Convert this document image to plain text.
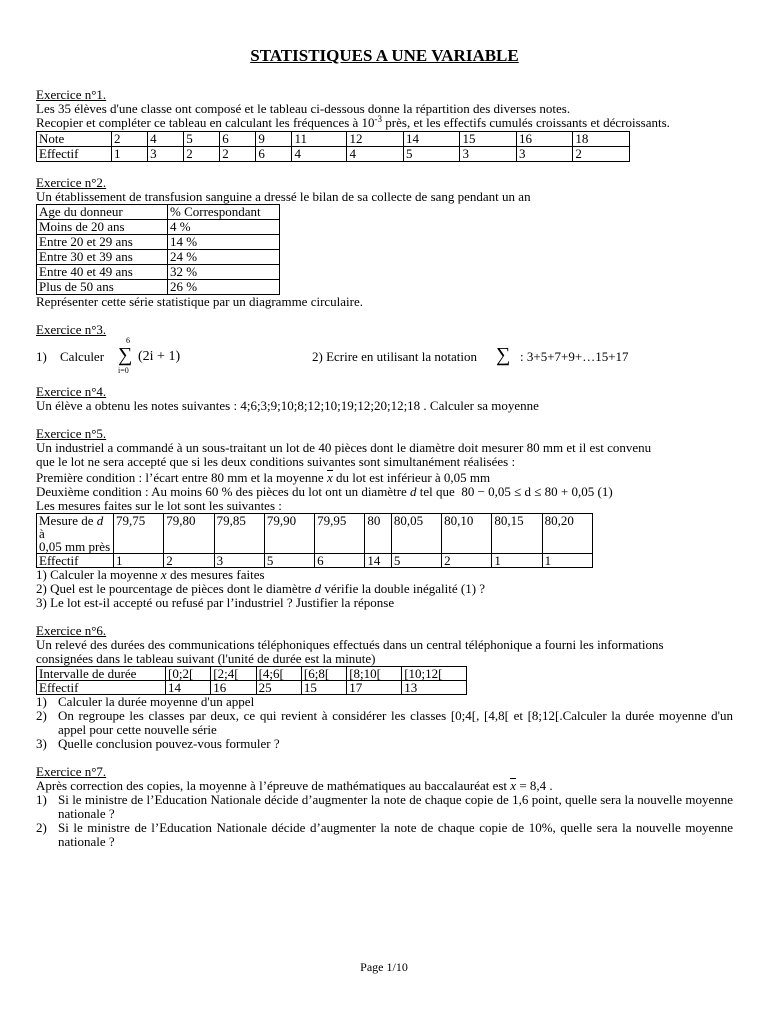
STATISTIQUES A UNE VARIABLE
Exercice n°1.

Les 35 élèves d'une classe ont composé et le tableau ci-dessous donne la répartition des diverses notes.

Recopier et compléter ce tableau en calculant les fréquences à $10^{-3}$ près, et les effectifs cumulés croissants et décroissants.

Note	2	4	5	6	9	11	12	14	15	16	18
Effectif	1	3	2	2	6	4	4	5	3	3	2
Exercice n°2.

Un établissement de transfusion sanguine a dressé le bilan de sa collecte de sang pendant un an

Age du donneur	% Correspondant
Moins de 20 ans	4 %
Entre 20 et 29 ans	14 %
Entre 30 et 39 ans	24 %
Entre 40 et 49 ans	32 %
Plus de 50 ans	26 %

Représenter cette série statistique par un diagramme circulaire.

Exercice n°3.
1) Calculer
6
∑
i=0
(2i + 1)	2) Ecrire en utilisant la notation ∑ : 3+5+7+9+…15+17
Exercice n°4.

Un élève a obtenu les notes suivantes : 4;6;3;9;10;8;12;10;19;12;20;12;18 . Calculer sa moyenne

Exercice n°5.

Un industriel a commandé à un sous-traitant un lot de 40 pièces dont le diamètre doit mesurer 80 mm et il est convenu

que le lot ne sera accepté que si les deux conditions suivantes sont simultanément réalisées :

Première condition : l’écart entre 80 mm et la moyenne x du lot est inférieur à 0,05 mm

Deuxième condition : Au moins 60 % des pièces du lot ont un diamètre d tel que 80 − 0,05 ≤ d ≤ 80 + 0,05 (1)

Les mesures faites sur le lot sont les suivantes :

Mesure de d à
0,05 mm près	79,75	79,80	79,85	79,90	79,95	80	80,05	80,10	80,15	80,20
Effectif	1	2	3	5	6	14	5	2	1	1

1) Calculer la moyenne x des mesures faites

2) Quel est le pourcentage de pièces dont le diamètre d vérifie la double inégalité (1) ?

3) Le lot est-il accepté ou refusé par l’industriel ? Justifier la réponse

Exercice n°6.

Un relevé des durées des communications téléphoniques effectués dans un central téléphonique a fourni les informations

consignées dans le tableau suivant (l'unité de durée est la minute)

Intervalle de durée	[0;2[	[2;4[	[4;6[	[6;8[	[8;10[	[10;12[
Effectif	14	16	25	15	17	13
1) Calculer la durée moyenne d'un appel
2) On regroupe les classes par deux, ce qui revient à considérer les classes [0;4[, [4,8[ et [8;12[.Calculer la durée moyenne d'un appel pour cette nouvelle série
3) Quelle conclusion pouvez-vous formuler ?
Exercice n°7.

Après correction des copies, la moyenne à l’épreuve de mathématiques au baccalauréat est x = 8,4 .

1) Si le ministre de l’Education Nationale décide d’augmenter la note de chaque copie de 1,6 point, quelle sera la nouvelle moyenne nationale ?
2) Si le ministre de l’Education Nationale décide d’augmenter la note de chaque copie de 10%, quelle sera la nouvelle moyenne nationale ?
Page 1/10
